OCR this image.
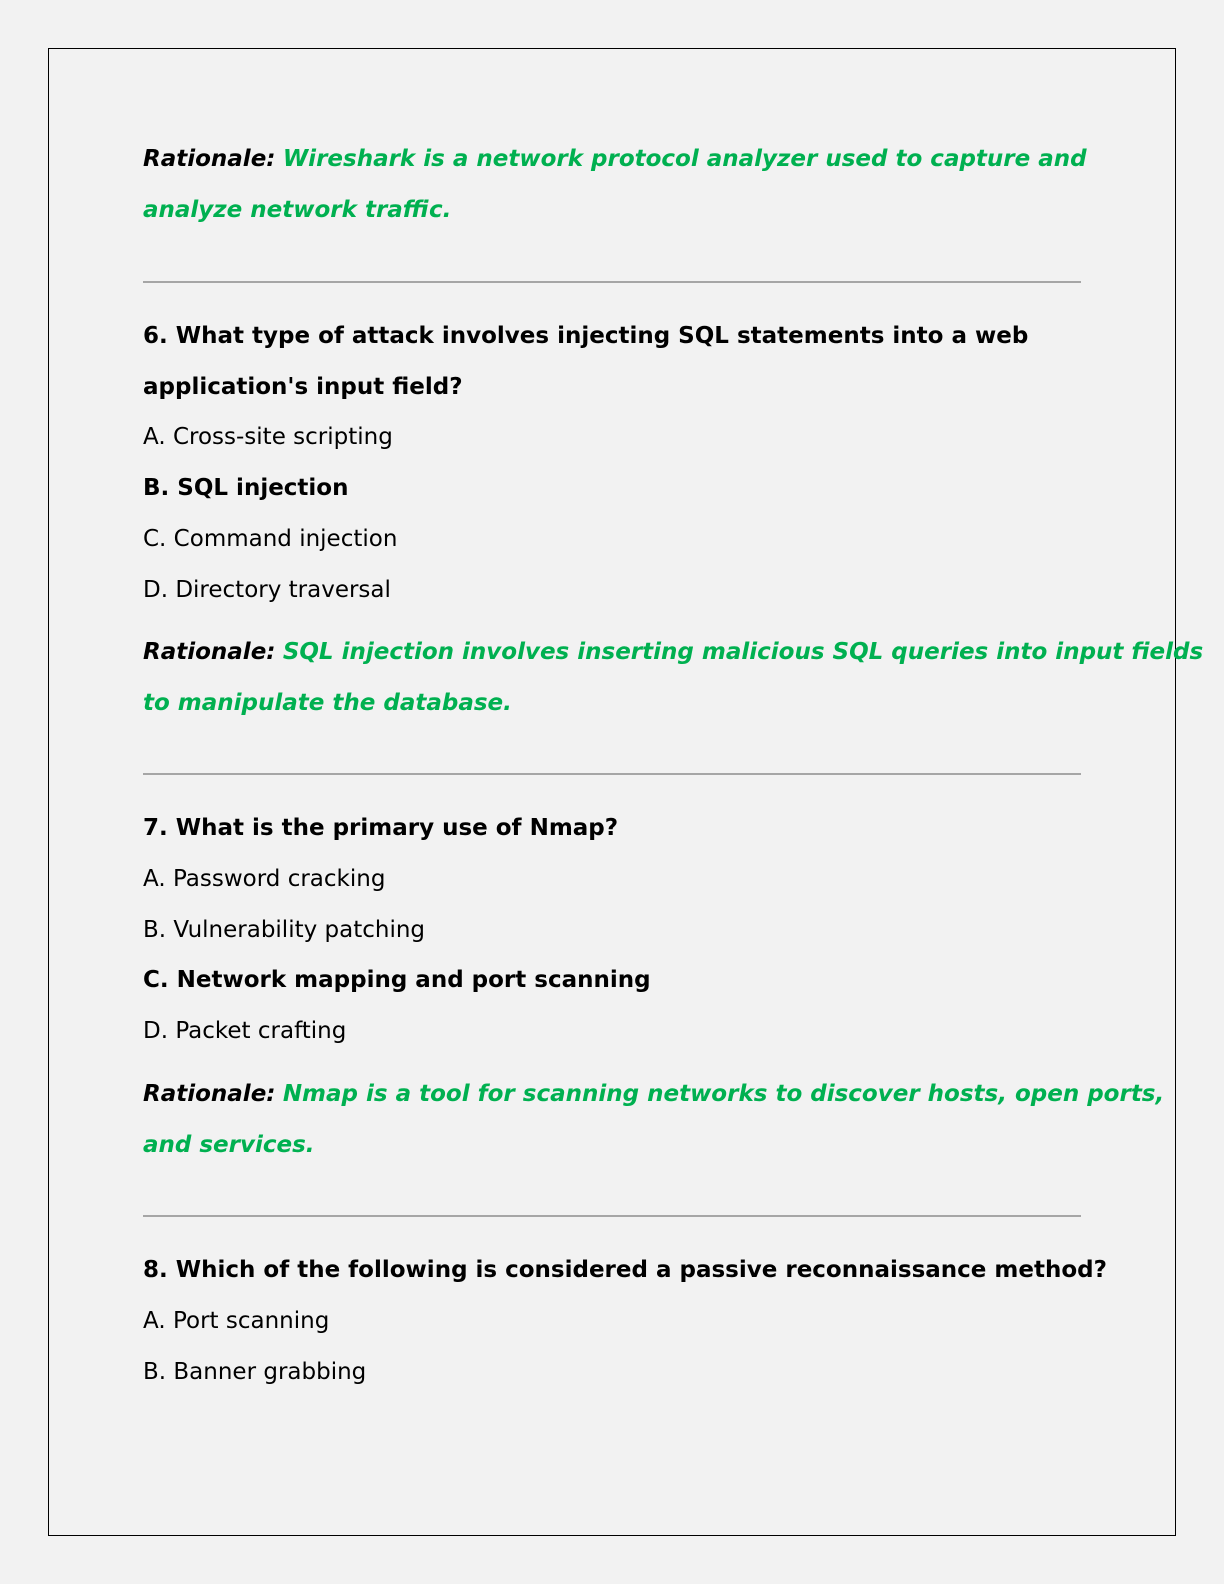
Rationale: Wireshark is a network protocol analyzer used to capture and
analyze network traffic.
6. What type of attack involves injecting SQL statements into a web
application's input field?
A. Cross-site scripting
B. SQL injection
C. Command injection
D. Directory traversal
Rationale: SQL injection involves inserting malicious SQL queries into input fields
to manipulate the database.
7. What is the primary use of Nmap?
A. Password cracking
B. Vulnerability patching
C. Network mapping and port scanning
D. Packet crafting
Rationale: Nmap is a tool for scanning networks to discover hosts, open ports,
and services.
8. Which of the following is considered a passive reconnaissance method?
A. Port scanning
B. Banner grabbing
